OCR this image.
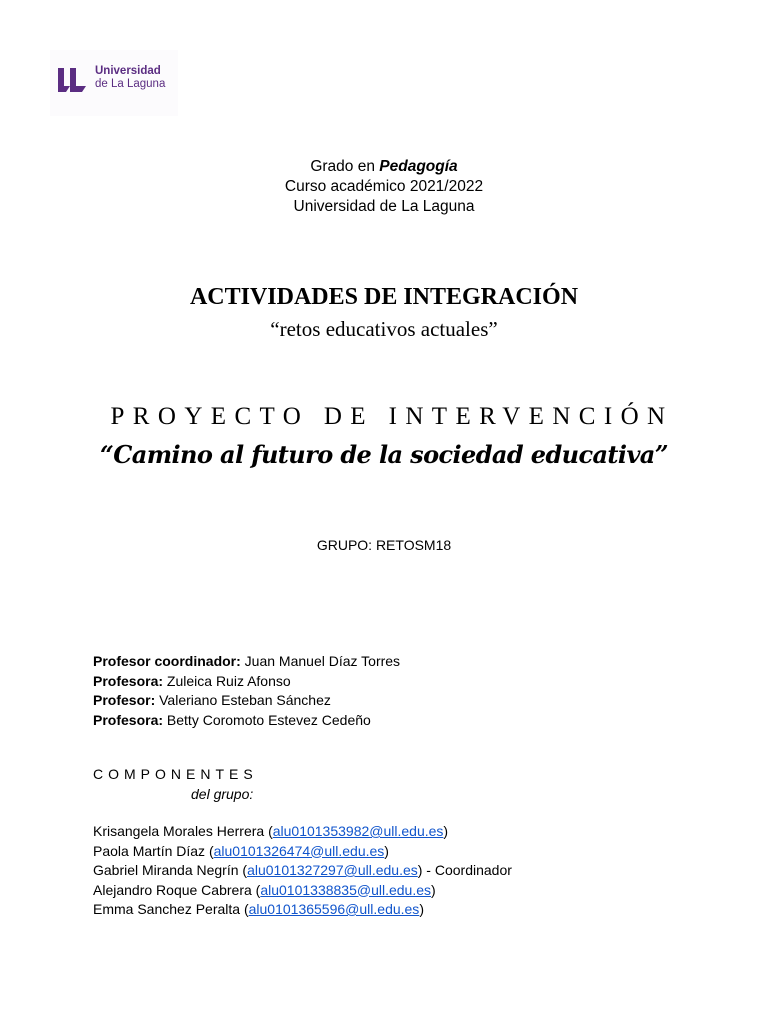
Universidad
de La Laguna
Grado en Pedagogía
Curso académico 2021/2022
Universidad de La Laguna
ACTIVIDADES DE INTEGRACIÓN
“retos educativos actuales”
PROYECTO DE INTERVENCIÓN
“Camino al futuro de la sociedad educativa”
GRUPO: RETOSM18
Profesor coordinador: Juan Manuel Díaz Torres
Profesora: Zuleica Ruiz Afonso
Profesor: Valeriano Esteban Sánchez
Profesora: Betty Coromoto Estevez Cedeño
COMPONENTES
del grupo:
Krisangela Morales Herrera (alu0101353982@ull.edu.es)
Paola Martín Díaz (alu0101326474@ull.edu.es)
Gabriel Miranda Negrín (alu0101327297@ull.edu.es) - Coordinador
Alejandro Roque Cabrera (alu0101338835@ull.edu.es)
Emma Sanchez Peralta (alu0101365596@ull.edu.es)
